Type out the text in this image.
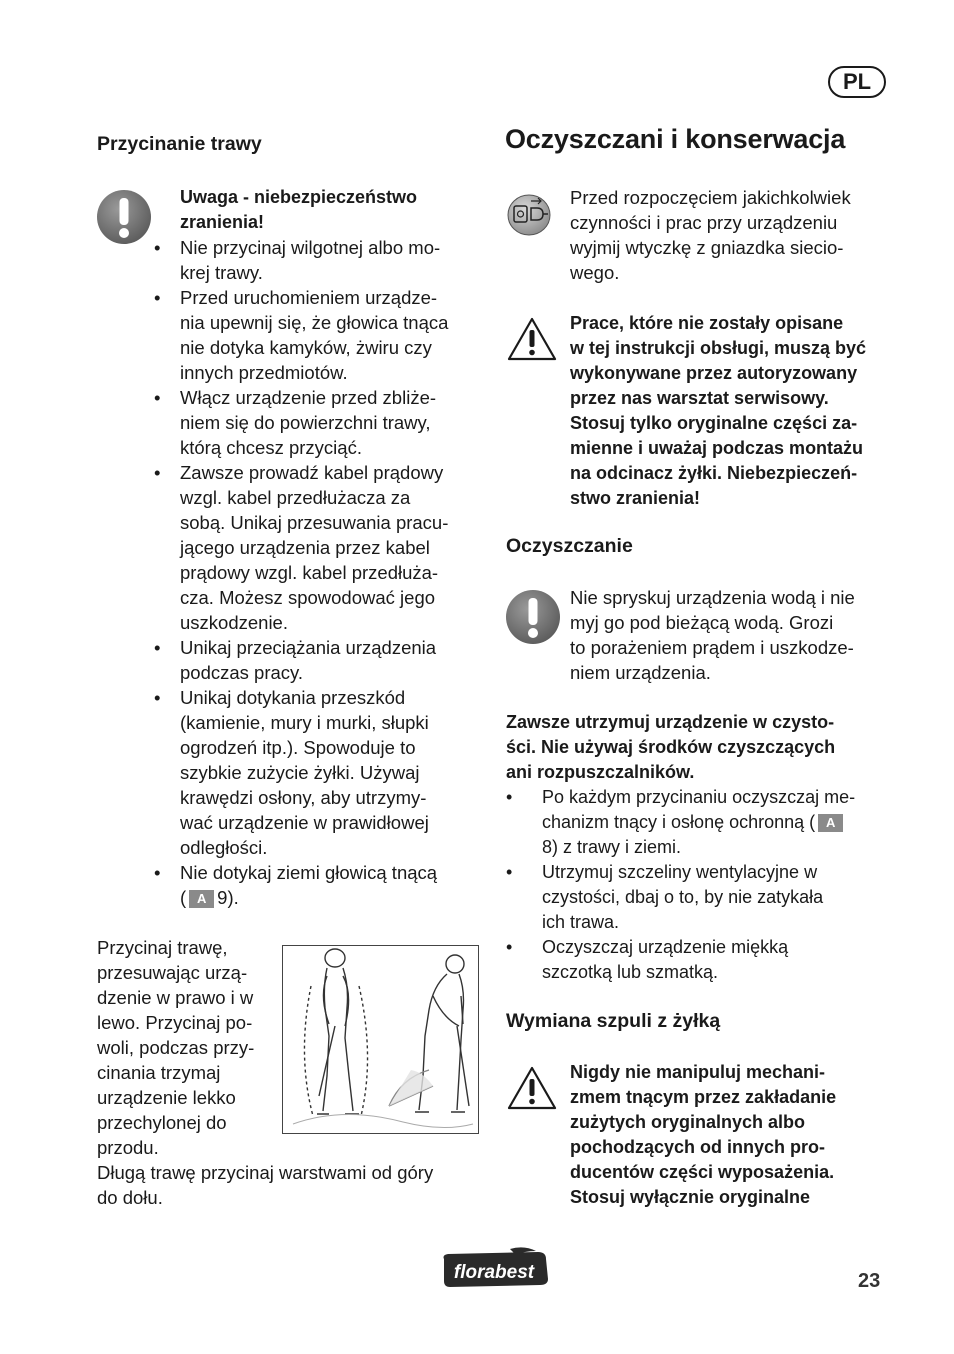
PL
Przycinanie trawy
Uwaga - niebezpieczeństwo
zranienia!
• Nie przycinaj wilgotnej albo mo-
krej trawy.
• Przed uruchomieniem urządze-
nia upewnij się, że głowica tnąca
nie dotyka kamyków, żwiru czy
innych przedmiotów.
• Włącz urządzenie przed zbliże-
niem się do powierzchni trawy,
którą chcesz przyciąć.
• Zawsze prowadź kabel prądowy
wzgl. kabel przedłużacza za
sobą. Unikaj przesuwania pracu-
jącego urządzenia przez kabel
prądowy wzgl. kabel przedłuża-
cza. Możesz spowodować jego
uszkodzenie.
• Unikaj przeciążania urządzenia
podczas pracy.
• Unikaj dotykania przeszkód
(kamienie, mury i murki, słupki
ogrodzeń itp.). Spowoduje to
szybkie zużycie żyłki. Używaj
krawędzi osłony, aby utrzymy-
wać urządzenie w prawidłowej
odległości.
• Nie dotykaj ziemi głowicą tnącą
( A 9).
Przycinaj trawę,
przesuwając urzą-
dzenie w prawo i w
lewo. Przycinaj po-
woli, podczas przy-
cinania trzymaj
urządzenie lekko
przechylonej do
przodu.
Długą trawę przycinaj warstwami od góry
do dołu.
Oczyszczani i konserwacja
Przed rozpoczęciem jakichkolwiek
czynności i prac przy urządzeniu
wyjmij wtyczkę z gniazdka siecio-
wego.
Prace, które nie zostały opisane
w tej instrukcji obsługi, muszą być
wykonywane przez autoryzowany
przez nas warsztat serwisowy.
Stosuj tylko oryginalne części za-
mienne i uważaj podczas montażu
na odcinacz żyłki. Niebezpieczeń-
stwo zranienia!
Oczyszczanie
Nie spryskuj urządzenia wodą i nie
myj go pod bieżącą wodą. Grozi
to porażeniem prądem i uszkodze-
niem urządzenia.
Zawsze utrzymuj urządzenie w czysto-
ści. Nie używaj środków czyszczących
ani rozpuszczalników.
• Po każdym przycinaniu oczyszczaj me-
chanizm tnący i osłonę ochronną ( A
8) z trawy i ziemi.
• Utrzymuj szczeliny wentylacyjne w
czystości, dbaj o to, by nie zatykała
ich trawa.
• Oczyszczaj urządzenie miękką
szczotką lub szmatką.
Wymiana szpuli z żyłką
Nigdy nie manipuluj mechani-
zmem tnącym przez zakładanie
zużytych oryginalnych albo
pochodzących od innych pro-
ducentów części wyposażenia.
Stosuj wyłącznie oryginalne
florabest	23
